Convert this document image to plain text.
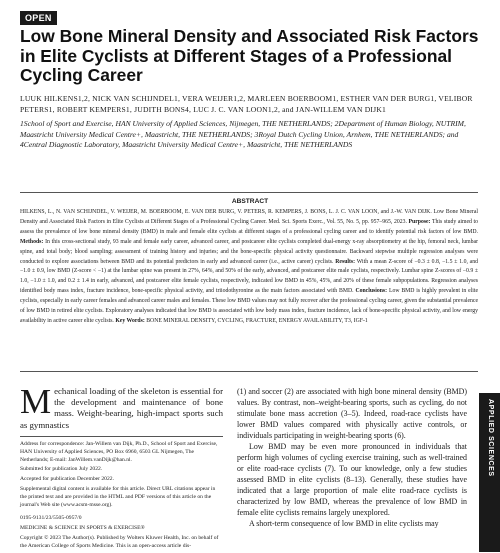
OPEN
Low Bone Mineral Density and Associated Risk Factors in Elite Cyclists at Different Stages of a Professional Cycling Career
LUUK HILKENS1,2, NICK VAN SCHIJNDEL1, VERA WEIJER1,2, MARLEEN BOERBOOM1, ESTHER VAN DER BURG1, VELIBOR PETERS1, ROBERT KEMPERS1, JUDITH BONS4, LUC J. C. VAN LOON1,2, and JAN-WILLEM VAN DIJK1
1School of Sport and Exercise, HAN University of Applied Sciences, Nijmegen, THE NETHERLANDS; 2Department of Human Biology, NUTRIM, Maastricht University Medical Centre+, Maastricht, THE NETHERLANDS; 3Royal Dutch Cycling Union, Arnhem, THE NETHERLANDS; and 4Central Diagnostic Laboratory, Maastricht University Medical Centre+, Maastricht, THE NETHERLANDS
ABSTRACT
HILKENS, L., N. VAN SCHIJNDEL, V. WEIJER, M. BOERBOOM, E. VAN DER BURG, V. PETERS, R. KEMPERS, J. BONS, L. J. C. VAN LOON, and J.-W. VAN DIJK. Low Bone Mineral Density and Associated Risk Factors in Elite Cyclists at Different Stages of a Professional Cycling Career. Med. Sci. Sports Exerc., Vol. 55, No. 5, pp. 957–965, 2023. Purpose: This study aimed to assess the prevalence of low bone mineral density (BMD) in male and female elite cyclists at different stages of a professional cycling career and to identify potential risk factors of low BMD. Methods: In this cross-sectional study, 93 male and female early career, advanced career, and postcareer elite cyclists completed dual-energy x-ray absorptiometry at the hip, femoral neck, lumbar spine, and total body; blood sampling; assessment of training history and injuries; and the bone-specific physical activity questionnaire. Backward stepwise multiple regression analyses were conducted to explore associations between BMD and its potential predictors in early and advanced career (i.e., active career) cyclists. Results: With a mean Z-score of −0.3 ± 0.8, −1.5 ± 1.0, and −1.0 ± 0.9, low BMD (Z-score < −1) at the lumbar spine was present in 27%, 64%, and 50% of the early, advanced, and postcareer elite male cyclists, respectively. Lumbar spine Z-scores of −0.9 ± 1.0, −1.0 ± 1.0, and 0.2 ± 1.4 in early, advanced, and postcareer elite female cyclists, respectively, indicated low BMD in 45%, 45%, and 20% of these female subpopulations. Regression analyses identified body mass index, fracture incidence, bone-specific physical activity, and triiodothyronine as the main factors associated with BMD. Conclusions: Low BMD is highly prevalent in elite cyclists, especially in early career females and advanced career males and females. These low BMD values may not fully recover after the professional cycling career, given the substantial prevalence of low BMD in retired elite cyclists. Exploratory analyses indicated that low BMD is associated with low body mass index, fracture incidence, lack of bone-specific physical activity, and low energy availability in active career elite cyclists. Key Words: BONE MINERAL DENSITY, CYCLING, FRACTURE, ENERGY AVAILABILITY, T3, IGF-1

Mechanical loading of the skeleton is essential for the development and maintenance of bone mass. Weight-bearing, high-impact sports such as gymnastics

Address for correspondence: Jan-Willem van Dijk, Ph.D., School of Sport and Exercise, HAN University of Applied Sciences, PO Box 6960, 6503 GL Nijmegen, The Netherlands; E-mail: JanWillem.vanDijk@han.nl.

Submitted for publication July 2022.

Accepted for publication December 2022.

Supplemental digital content is available for this article. Direct URL citations appear in the printed text and are provided in the HTML and PDF versions of this article on the journal's Web site (www.acsm-msse.org).

0195-9131/23/5505-0957/0

MEDICINE & SCIENCE IN SPORTS & EXERCISE®

Copyright © 2023 The Author(s). Published by Wolters Kluwer Health, Inc. on behalf of the American College of Sports Medicine. This is an open-access article dis-

(1) and soccer (2) are associated with high bone mineral density (BMD) values. By contrast, non–weight-bearing sports, such as cycling, do not stimulate bone mass accretion (3–5). Indeed, road-race cyclists have lower BMD values compared with physically active controls, or individuals participating in weight-bearing sports (6).

Low BMD may be even more pronounced in individuals that perform high volumes of cycling exercise training, such as well-trained or elite road-race cyclists (7). To our knowledge, only a few studies assessed BMD in elite cyclists (8–13). Generally, these studies have indicated that a large proportion of male elite road-race cyclists is characterized by low BMD, whereas the prevalence of low BMD in female elite cyclists remains largely unexplored.

A short-term consequence of low BMD in elite cyclists may

APPLIED SCIENCES
